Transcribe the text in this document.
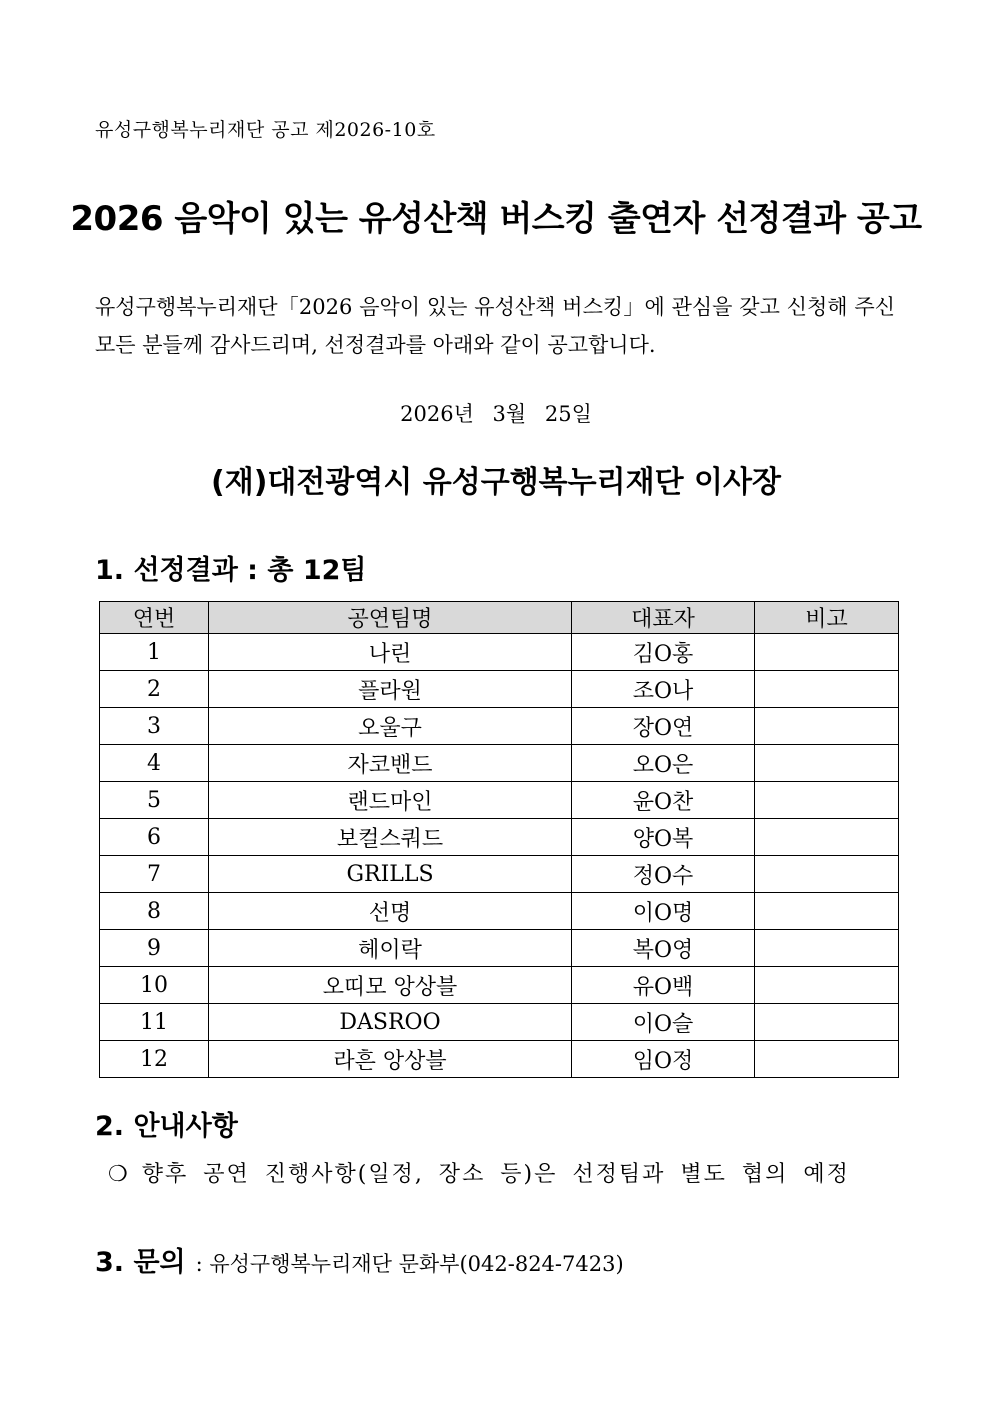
유성구행복누리재단 공고 제2026-10호
2026 음악이 있는 유성산책 버스킹 출연자 선정결과 공고
유성구행복누리재단「2026 음악이 있는 유성산책 버스킹」에 관심을 갖고 신청해 주신 모든 분들께 감사드리며, 선정결과를 아래와 같이 공고합니다.
2026년 3월 25일
(재)대전광역시 유성구행복누리재단 이사장
1. 선정결과 : 총 12팀
연번	공연팀명	대표자	비고
1	나린	김O홍	
2	플라원	조O나	
3	오울구	장O연	
4	자코밴드	오O은	
5	랜드마인	윤O찬	
6	보컬스쿼드	양O복	
7	GRILLS	정O수	
8	선명	이O명	
9	헤이락	복O영	
10	오띠모 앙상블	유O백	
11	DASROO	이O슬	
12	라흔 앙상블	임O정	
2. 안내사항
❍ 향후 공연 진행사항(일정, 장소 등)은 선정팀과 별도 협의 예정
3. 문의 : 유성구행복누리재단 문화부(042-824-7423)
